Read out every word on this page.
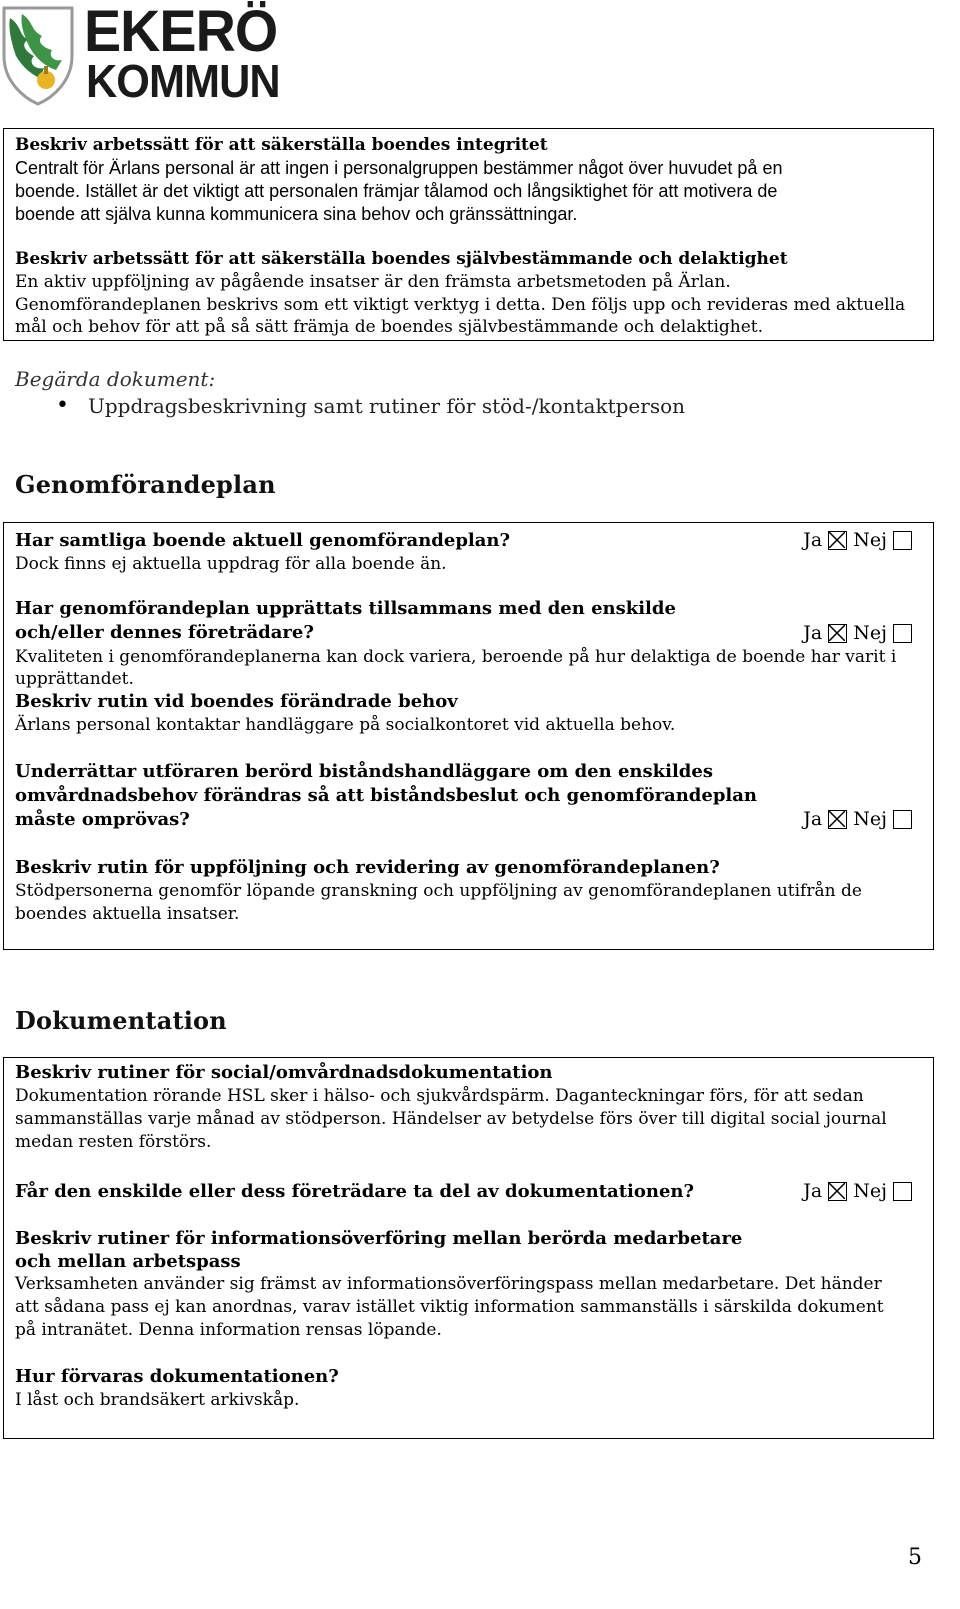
EKERÖ
KOMMUN
Beskriv arbetssätt för att säkerställa boendes integritet
Centralt för Ärlans personal är att ingen i personalgruppen bestämmer något över huvudet på en
boende. Istället är det viktigt att personalen främjar tålamod och långsiktighet för att motivera de
boende att själva kunna kommunicera sina behov och gränssättningar.
Beskriv arbetssätt för att säkerställa boendes självbestämmande och delaktighet
En aktiv uppföljning av pågående insatser är den främsta arbetsmetoden på Ärlan.
Genomförandeplanen beskrivs som ett viktigt verktyg i detta. Den följs upp och revideras med aktuella
mål och behov för att på så sätt främja de boendes självbestämmande och delaktighet.
Begärda dokument:
• Uppdragsbeskrivning samt rutiner för stöd-/kontaktperson
Genomförandeplan
Har samtliga boende aktuell genomförandeplan?	Ja Nej
Dock finns ej aktuella uppdrag för alla boende än.
Har genomförandeplan upprättats tillsammans med den enskilde
och/eller dennes företrädare?	Ja Nej
Kvaliteten i genomförandeplanerna kan dock variera, beroende på hur delaktiga de boende har varit i
upprättandet.
Beskriv rutin vid boendes förändrade behov
Ärlans personal kontaktar handläggare på socialkontoret vid aktuella behov.
Underrättar utföraren berörd biståndshandläggare om den enskildes
omvårdnadsbehov förändras så att biståndsbeslut och genomförandeplan
måste omprövas?	Ja Nej
Beskriv rutin för uppföljning och revidering av genomförandeplanen?
Stödpersonerna genomför löpande granskning och uppföljning av genomförandeplanen utifrån de
boendes aktuella insatser.
Dokumentation
Beskriv rutiner för social/omvårdnadsdokumentation
Dokumentation rörande HSL sker i hälso- och sjukvårdspärm. Daganteckningar förs, för att sedan
sammanställas varje månad av stödperson. Händelser av betydelse förs över till digital social journal
medan resten förstörs.
Får den enskilde eller dess företrädare ta del av dokumentationen?	Ja Nej
Beskriv rutiner för informationsöverföring mellan berörda medarbetare
och mellan arbetspass
Verksamheten använder sig främst av informationsöverföringspass mellan medarbetare. Det händer
att sådana pass ej kan anordnas, varav istället viktig information sammanställs i särskilda dokument
på intranätet. Denna information rensas löpande.
Hur förvaras dokumentationen?
I låst och brandsäkert arkivskåp.
5
